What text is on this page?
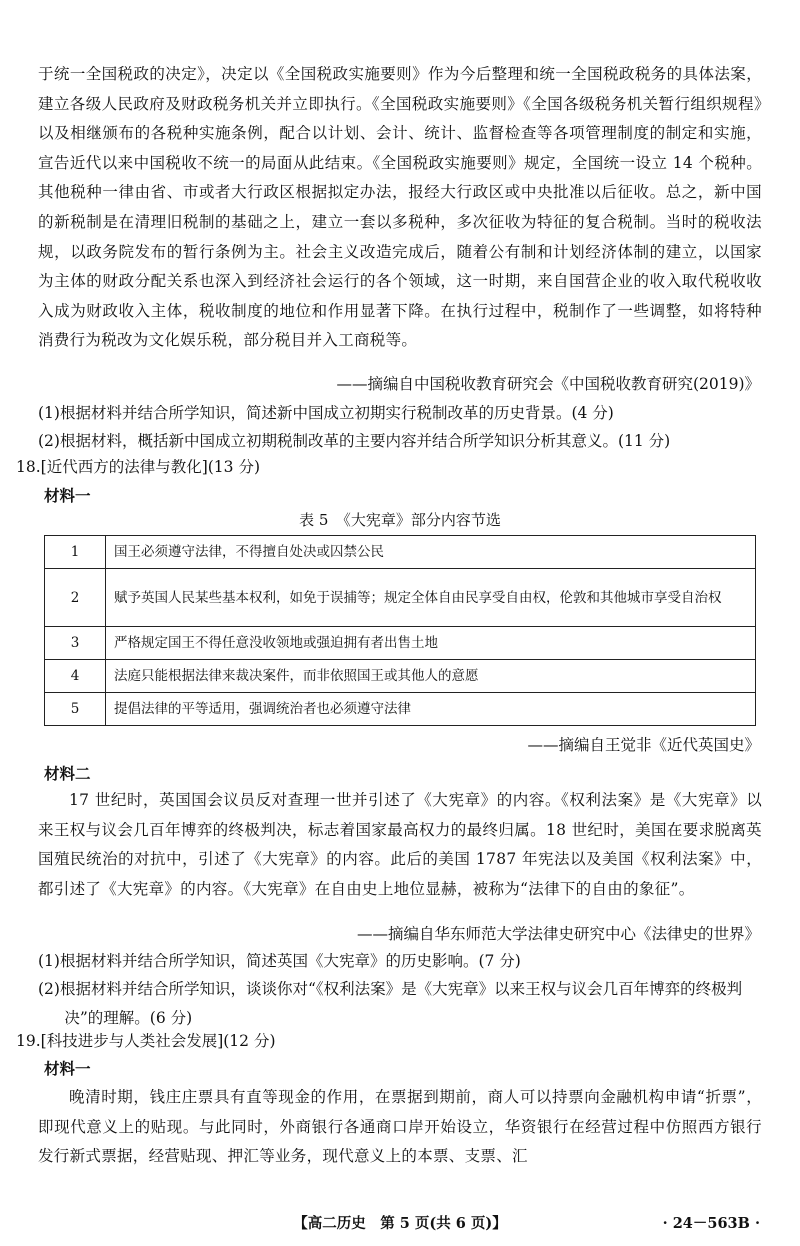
于统一全国税政的决定》，决定以《全国税政实施要则》作为今后整理和统一全国税政税务的具体法案，建立各级人民政府及财政税务机关并立即执行。《全国税政实施要则》《全国各级税务机关暂行组织规程》以及相继颁布的各税种实施条例，配合以计划、会计、统计、监督检查等各项管理制度的制定和实施，宣告近代以来中国税收不统一的局面从此结束。《全国税政实施要则》规定，全国统一设立 14 个税种。其他税种一律由省、市或者大行政区根据拟定办法，报经大行政区或中央批准以后征收。总之，新中国的新税制是在清理旧税制的基础之上，建立一套以多税种，多次征收为特征的复合税制。当时的税收法规，以政务院发布的暂行条例为主。社会主义改造完成后，随着公有制和计划经济体制的建立，以国家为主体的财政分配关系也深入到经济社会运行的各个领域，这一时期，来自国营企业的收入取代税收收入成为财政收入主体，税收制度的地位和作用显著下降。在执行过程中，税制作了一些调整，如将特种消费行为税改为文化娱乐税，部分税目并入工商税等。

——摘编自中国税收教育研究会《中国税收教育研究(2019)》

(1)根据材料并结合所学知识，简述新中国成立初期实行税制改革的历史背景。(4 分)

(2)根据材料，概括新中国成立初期税制改革的主要内容并结合所学知识分析其意义。(11 分)

18.[近代西方的法律与教化](13 分)

材料一

表 5　《大宪章》部分内容节选

1	国王必须遵守法律，不得擅自处决或囚禁公民
2	赋予英国人民某些基本权利，如免于误捕等；规定全体自由民享受自由权，伦敦和其他城市享受自治权
3	严格规定国王不得任意没收领地或强迫拥有者出售土地
4	法庭只能根据法律来裁决案件，而非依照国王或其他人的意愿
5	提倡法律的平等适用，强调统治者也必须遵守法律

——摘编自王觉非《近代英国史》

材料二

17 世纪时，英国国会议员反对查理一世并引述了《大宪章》的内容。《权利法案》是《大宪章》以来王权与议会几百年博弈的终极判决，标志着国家最高权力的最终归属。18 世纪时，美国在要求脱离英国殖民统治的对抗中，引述了《大宪章》的内容。此后的美国 1787 年宪法以及美国《权利法案》中，都引述了《大宪章》的内容。《大宪章》在自由史上地位显赫，被称为“法律下的自由的象征”。

——摘编自华东师范大学法律史研究中心《法律史的世界》

(1)根据材料并结合所学知识，简述英国《大宪章》的历史影响。(7 分)

(2)根据材料并结合所学知识，谈谈你对“《权利法案》是《大宪章》以来王权与议会几百年博弈的终极判决”的理解。(6 分)

19.[科技进步与人类社会发展](12 分)

材料一

晚清时期，钱庄庄票具有直等现金的作用，在票据到期前，商人可以持票向金融机构申请“折票”，即现代意义上的贴现。与此同时，外商银行各通商口岸开始设立，华资银行在经营过程中仿照西方银行发行新式票据，经营贴现、押汇等业务，现代意义上的本票、支票、汇

【高二历史　第 5 页(共 6 页)】	· 24－563B ·
